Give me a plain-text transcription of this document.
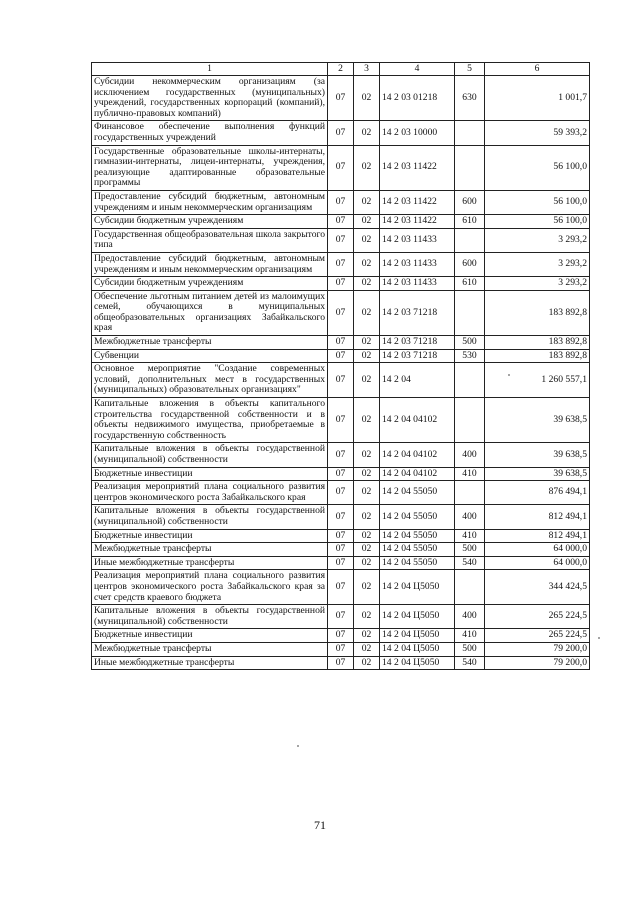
1	2	3	4	5	6
Субсидии некоммерческим организациям (за исключением государственных (муниципальных) учреждений, государственных корпораций (компаний), публично-правовых компаний)	07	02	14 2 03 01218	630	1 001,7
Финансовое обеспечение выполнения функций государственных учреждений	07	02	14 2 03 10000		59 393,2
Государственные образовательные школы-интернаты, гимназии-интернаты, лицеи-интернаты, учреждения, реализующие адаптированные образовательные программы	07	02	14 2 03 11422		56 100,0
Предоставление субсидий бюджетным, автономным учреждениям и иным некоммерческим организациям	07	02	14 2 03 11422	600	56 100,0
Субсидии бюджетным учреждениям	07	02	14 2 03 11422	610	56 100,0
Государственная общеобразовательная школа закрытого типа	07	02	14 2 03 11433		3 293,2
Предоставление субсидий бюджетным, автономным учреждениям и иным некоммерческим организациям	07	02	14 2 03 11433	600	3 293,2
Субсидии бюджетным учреждениям	07	02	14 2 03 11433	610	3 293,2
Обеспечение льготным питанием детей из малоимущих семей, обучающихся в муниципальных общеобразовательных организациях Забайкальского края	07	02	14 2 03 71218		183 892,8
Межбюджетные трансферты	07	02	14 2 03 71218	500	183 892,8
Субвенции	07	02	14 2 03 71218	530	183 892,8
Основное мероприятие "Создание современных условий, дополнительных мест в государственных (муниципальных) образовательных организациях"	07	02	14 2 04		1 260 557,1
Капитальные вложения в объекты капитального строительства государственной собственности и в объекты недвижимого имущества, приобретаемые в государственную собственность	07	02	14 2 04 04102		39 638,5
Капитальные вложения в объекты государственной (муниципальной) собственности	07	02	14 2 04 04102	400	39 638,5
Бюджетные инвестиции	07	02	14 2 04 04102	410	39 638,5
Реализация мероприятий плана социального развития центров экономического роста Забайкальского края	07	02	14 2 04 55050		876 494,1
Капитальные вложения в объекты государственной (муниципальной) собственности	07	02	14 2 04 55050	400	812 494,1
Бюджетные инвестиции	07	02	14 2 04 55050	410	812 494,1
Межбюджетные трансферты	07	02	14 2 04 55050	500	64 000,0
Иные межбюджетные трансферты	07	02	14 2 04 55050	540	64 000,0
Реализация мероприятий плана социального развития центров экономического роста Забайкальского края за счет средств краевого бюджета	07	02	14 2 04 Ц5050		344 424,5
Капитальные вложения в объекты государственной (муниципальной) собственности	07	02	14 2 04 Ц5050	400	265 224,5
Бюджетные инвестиции	07	02	14 2 04 Ц5050	410	265 224,5
Межбюджетные трансферты	07	02	14 2 04 Ц5050	500	79 200,0
Иные межбюджетные трансферты	07	02	14 2 04 Ц5050	540	79 200,0
71
